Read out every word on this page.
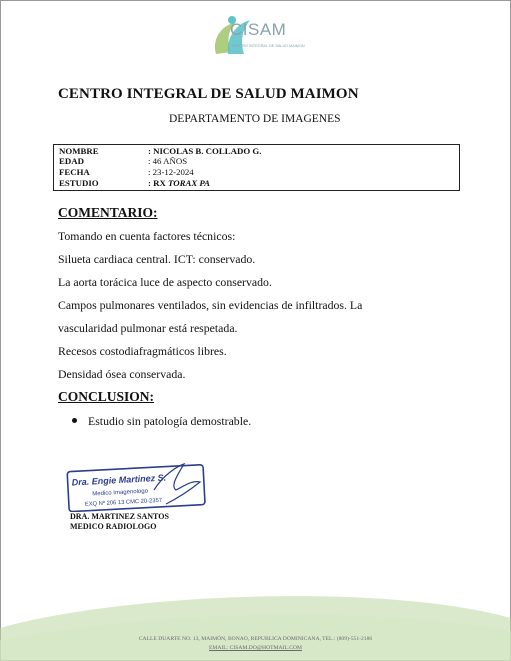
CISAM
CENTRO INTEGRAL DE SALUD MAIMON
CENTRO INTEGRAL DE SALUD MAIMON
DEPARTAMENTO DE IMAGENES
NOMBRE	: NICOLAS B. COLLADO G.
EDAD	: 46 AÑOS
FECHA	: 23-12-2024
ESTUDIO	: RX TORAX PA
COMENTARIO:
Tomando en cuenta factores técnicos:
Silueta cardiaca central. ICT: conservado.
La aorta torácica luce de aspecto conservado.
Campos pulmonares ventilados, sin evidencias de infiltrados. La
vascularidad pulmonar está respetada.
Recesos costodiafragmáticos libres.
Densidad ósea conservada.
CONCLUSION:
Estudio sin patología demostrable.
Dra. Engie Martinez S.
Medico Imagenologo
EXQ Nº 206 13 CMC 20-2357
DRA. MARTINEZ SANTOS
MEDICO RADIOLOGO
CALLE DUARTE NO. 13, MAIMÓN, BONAO, REPUBLICA DOMINICANA, TEL.: (809)-551-2186
EMAIL: CISAM.DO@HOTMAIL.COM
